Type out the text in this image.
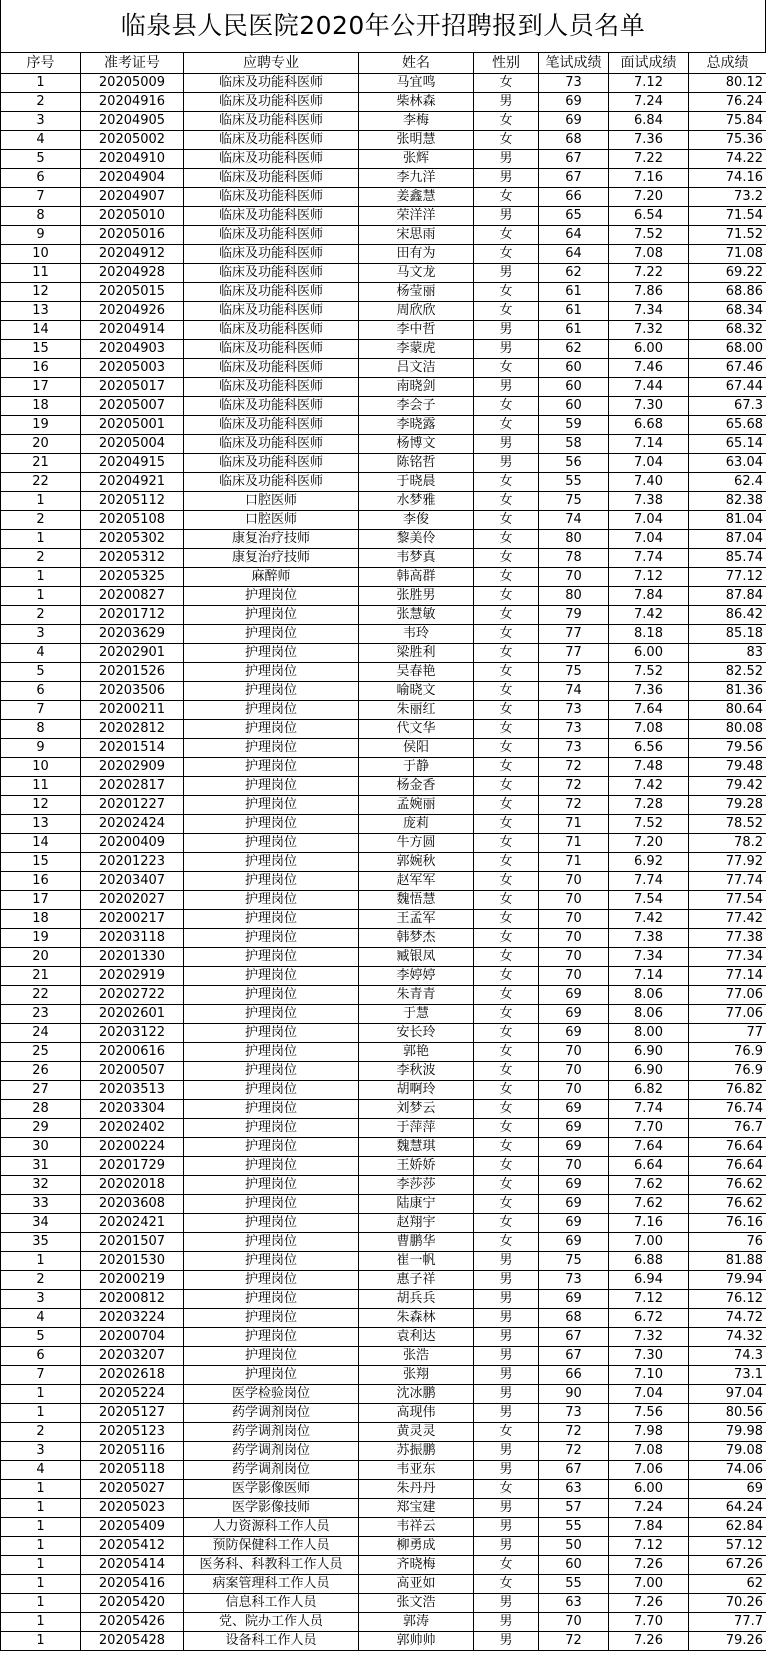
临泉县人民医院2020年公开招聘报到人员名单
序号	准考证号	应聘专业	姓名	性别	笔试成绩	面试成绩	总成绩
1	20205009	临床及功能科医师	马宜鸣	女	73	7.12	80.12
2	20204916	临床及功能科医师	柴林森	男	69	7.24	76.24
3	20204905	临床及功能科医师	李梅	女	69	6.84	75.84
4	20205002	临床及功能科医师	张明慧	女	68	7.36	75.36
5	20204910	临床及功能科医师	张辉	男	67	7.22	74.22
6	20204904	临床及功能科医师	李九洋	男	67	7.16	74.16
7	20204907	临床及功能科医师	姜鑫慧	女	66	7.20	73.2
8	20205010	临床及功能科医师	荣洋洋	男	65	6.54	71.54
9	20205016	临床及功能科医师	宋思雨	女	64	7.52	71.52
10	20204912	临床及功能科医师	田有为	女	64	7.08	71.08
11	20204928	临床及功能科医师	马文龙	男	62	7.22	69.22
12	20205015	临床及功能科医师	杨莹丽	女	61	7.86	68.86
13	20204926	临床及功能科医师	周欣欣	女	61	7.34	68.34
14	20204914	临床及功能科医师	李中哲	男	61	7.32	68.32
15	20204903	临床及功能科医师	李蒙虎	男	62	6.00	68.00
16	20205003	临床及功能科医师	吕文洁	女	60	7.46	67.46
17	20205017	临床及功能科医师	南晓剑	男	60	7.44	67.44
18	20205007	临床及功能科医师	李会子	女	60	7.30	67.3
19	20205001	临床及功能科医师	李晓露	女	59	6.68	65.68
20	20205004	临床及功能科医师	杨博文	男	58	7.14	65.14
21	20204915	临床及功能科医师	陈铭哲	男	56	7.04	63.04
22	20204921	临床及功能科医师	于晓晨	女	55	7.40	62.4
1	20205112	口腔医师	水梦雅	女	75	7.38	82.38
2	20205108	口腔医师	李俊	女	74	7.04	81.04
1	20205302	康复治疗技师	黎美伶	女	80	7.04	87.04
2	20205312	康复治疗技师	韦梦真	女	78	7.74	85.74
1	20205325	麻醉师	韩高群	女	70	7.12	77.12
1	20200827	护理岗位	张胜男	女	80	7.84	87.84
2	20201712	护理岗位	张慧敏	女	79	7.42	86.42
3	20203629	护理岗位	韦玲	女	77	8.18	85.18
4	20202901	护理岗位	梁胜利	女	77	6.00	83
5	20201526	护理岗位	吴春艳	女	75	7.52	82.52
6	20203506	护理岗位	喻晓文	女	74	7.36	81.36
7	20200211	护理岗位	朱丽红	女	73	7.64	80.64
8	20202812	护理岗位	代文华	女	73	7.08	80.08
9	20201514	护理岗位	侯阳	女	73	6.56	79.56
10	20202909	护理岗位	于静	女	72	7.48	79.48
11	20202817	护理岗位	杨金香	女	72	7.42	79.42
12	20201227	护理岗位	孟婉丽	女	72	7.28	79.28
13	20202424	护理岗位	庞莉	女	71	7.52	78.52
14	20200409	护理岗位	牛方圆	女	71	7.20	78.2
15	20201223	护理岗位	郭婉秋	女	71	6.92	77.92
16	20203407	护理岗位	赵军军	女	70	7.74	77.74
17	20202027	护理岗位	魏悟慧	女	70	7.54	77.54
18	20200217	护理岗位	王孟军	女	70	7.42	77.42
19	20203118	护理岗位	韩梦杰	女	70	7.38	77.38
20	20201330	护理岗位	臧银凤	女	70	7.34	77.34
21	20202919	护理岗位	李婷婷	女	70	7.14	77.14
22	20202722	护理岗位	朱青青	女	69	8.06	77.06
23	20202601	护理岗位	于慧	女	69	8.06	77.06
24	20203122	护理岗位	安长玲	女	69	8.00	77
25	20200616	护理岗位	郭艳	女	70	6.90	76.9
26	20200507	护理岗位	李秋波	女	70	6.90	76.9
27	20203513	护理岗位	胡啊玲	女	70	6.82	76.82
28	20203304	护理岗位	刘梦云	女	69	7.74	76.74
29	20202402	护理岗位	于萍萍	女	69	7.70	76.7
30	20200224	护理岗位	魏慧琪	女	69	7.64	76.64
31	20201729	护理岗位	王娇娇	女	70	6.64	76.64
32	20202018	护理岗位	李莎莎	女	69	7.62	76.62
33	20203608	护理岗位	陆康宁	女	69	7.62	76.62
34	20202421	护理岗位	赵翔宇	女	69	7.16	76.16
35	20201507	护理岗位	曹鹏华	女	69	7.00	76
1	20201530	护理岗位	崔一帆	男	75	6.88	81.88
2	20200219	护理岗位	惠子祥	男	73	6.94	79.94
3	20200812	护理岗位	胡兵兵	男	69	7.12	76.12
4	20203224	护理岗位	朱森林	男	68	6.72	74.72
5	20200704	护理岗位	袁利达	男	67	7.32	74.32
6	20203207	护理岗位	张浩	男	67	7.30	74.3
7	20202618	护理岗位	张翔	男	66	7.10	73.1
1	20205224	医学检验岗位	沈冰鹏	男	90	7.04	97.04
1	20205127	药学调剂岗位	高现伟	男	73	7.56	80.56
2	20205123	药学调剂岗位	黄灵灵	女	72	7.98	79.98
3	20205116	药学调剂岗位	苏振鹏	男	72	7.08	79.08
4	20205118	药学调剂岗位	韦亚东	男	67	7.06	74.06
1	20205027	医学影像医师	朱丹丹	女	63	6.00	69
1	20205023	医学影像技师	郑宝建	男	57	7.24	64.24
1	20205409	人力资源科工作人员	韦祥云	男	55	7.84	62.84
1	20205412	预防保健科工作人员	柳勇成	男	50	7.12	57.12
1	20205414	医务科、科教科工作人员	齐晓梅	女	60	7.26	67.26
1	20205416	病案管理科工作人员	高亚如	女	55	7.00	62
1	20205420	信息科工作人员	张文浩	男	63	7.26	70.26
1	20205426	党、院办工作人员	郭涛	男	70	7.70	77.7
1	20205428	设备科工作人员	郭帅帅	男	72	7.26	79.26
